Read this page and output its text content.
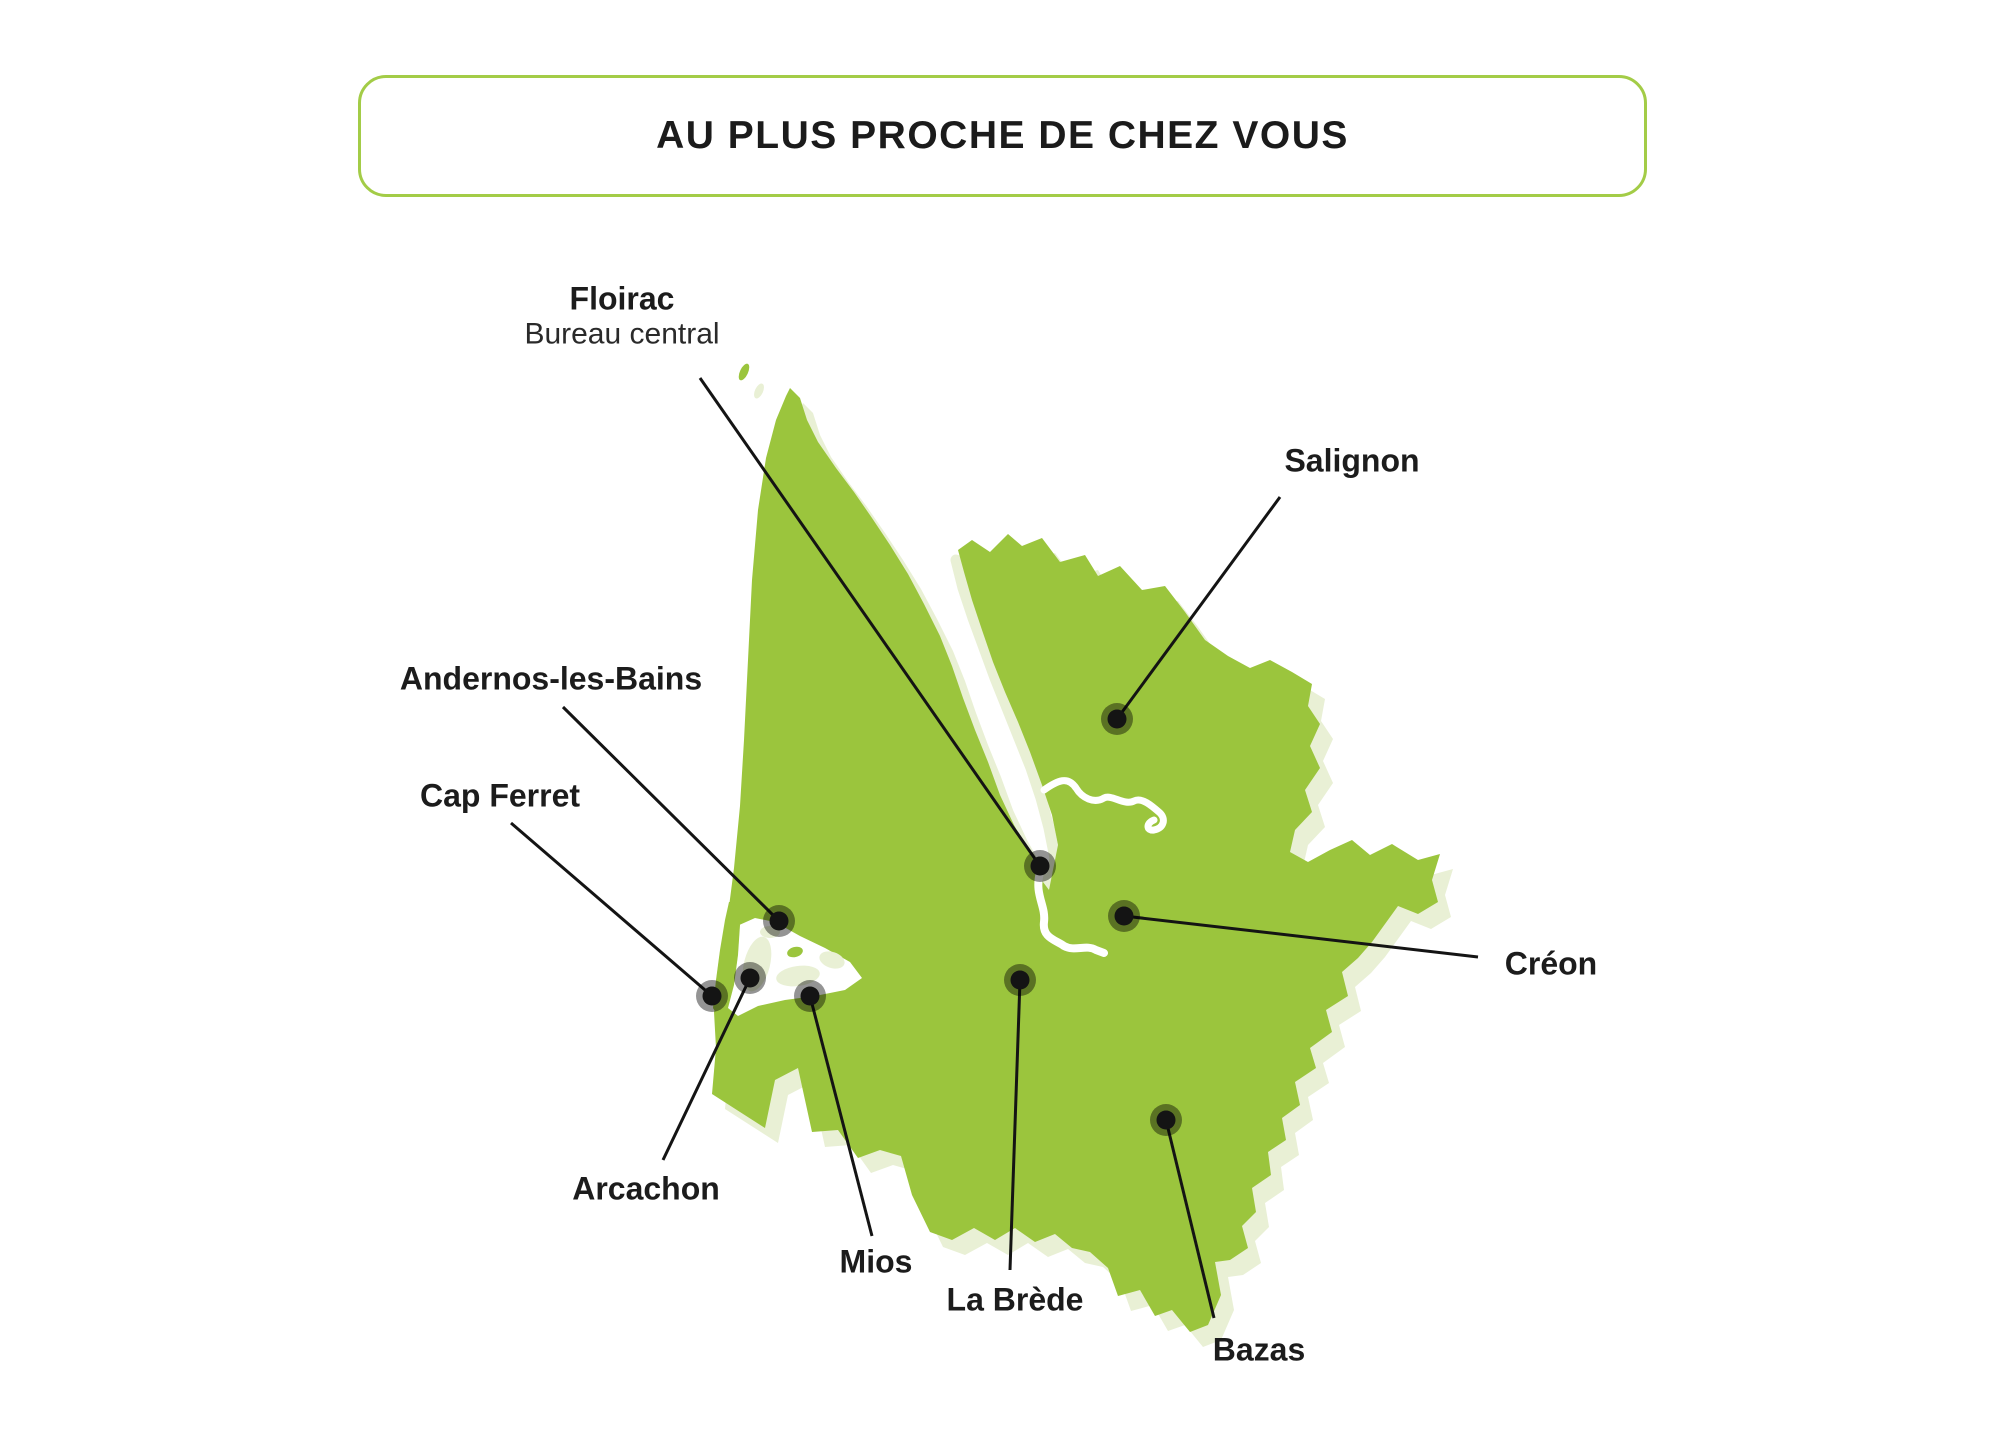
AU PLUS PROCHE DE CHEZ VOUS
Floirac
Bureau central
Salignon
Andernos-les-Bains
Cap Ferret
Créon
Arcachon
Mios
La Brède
Bazas
